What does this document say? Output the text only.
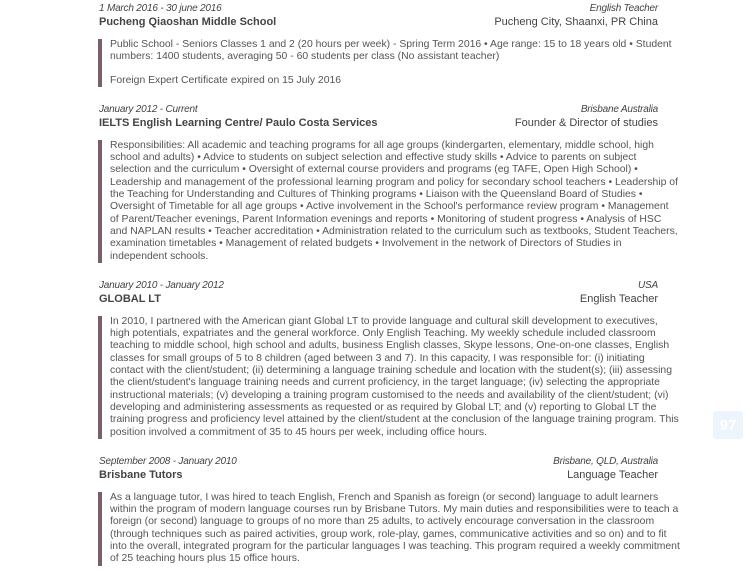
1 March 2016 - 30 june 2016
Pucheng Qiaoshan Middle School
English Teacher
Pucheng City, Shaanxi, PR China

Public School - Seniors Classes 1 and 2 (20 hours per week) - Spring Term 2016 • Age range: 15 to 18 years old • Student numbers: 1400 students, averaging 50 - 60 students per class (No assistant teacher)

Foreign Expert Certificate expired on 15 July 2016

January 2012 - Current
IELTS English Learning Centre/ Paulo Costa Services
Brisbane Australia
Founder & Director of studies

Responsibilities: All academic and teaching programs for all age groups (kindergarten, elementary, middle school, high school and adults) • Advice to students on subject selection and effective study skills • Advice to parents on subject selection and the curriculum • Oversight of external course providers and programs (eg TAFE, Open High School) • Leadership and management of the professional learning program and policy for secondary school teachers • Leadership of the Teaching for Understanding and Cultures of Thinking programs • Liaison with the Queensland Board of Studies • Oversight of Timetable for all age groups • Active involvement in the School's performance review program • Management of Parent/Teacher evenings, Parent Information evenings and reports • Monitoring of student progress • Analysis of HSC and NAPLAN results • Teacher accreditation • Administration related to the curriculum such as textbooks, Student Teachers, examination timetables • Management of related budgets • Involvement in the network of Directors of Studies in independent schools.

January 2010 - January 2012
GLOBAL LT
USA
English Teacher

In 2010, I partnered with the American giant Global LT to provide language and cultural skill development to executives, high potentials, expatriates and the general workforce. Only English Teaching. My weekly schedule included classroom teaching to middle school, high school and adults, business English classes, Skype lessons, One-on-one classes, English classes for small groups of 5 to 8 children (aged between 3 and 7). In this capacity, I was responsible for: (i) initiating contact with the client/student; (ii) determining a language training schedule and location with the student(s); (iii) assessing the client/student's language training needs and current proficiency, in the target language; (iv) selecting the appropriate instructional materials; (v) developing a training program customised to the needs and availability of the client/student; (vi) developing and administering assessments as requested or as required by Global LT; and (v) reporting to Global LT the training progress and proficiency level attained by the client/student at the conclusion of the language training program. This position involved a commitment of 35 to 45 hours per week, including office hours.

September 2008 - January 2010
Brisbane Tutors
Brisbane, QLD, Australia
Language Teacher

As a language tutor, I was hired to teach English, French and Spanish as foreign (or second) language to adult learners within the program of modern language courses run by Brisbane Tutors. My main duties and responsibilities were to teach a foreign (or second) language to groups of no more than 25 adults, to actively encourage conversation in the classroom (through techniques such as paired activities, group work, role-play, games, communicative activities and so on) and to fit into the overall, integrated program for the particular languages I was teaching. This program required a weekly commitment of 25 teaching hours plus 15 office hours.

97
